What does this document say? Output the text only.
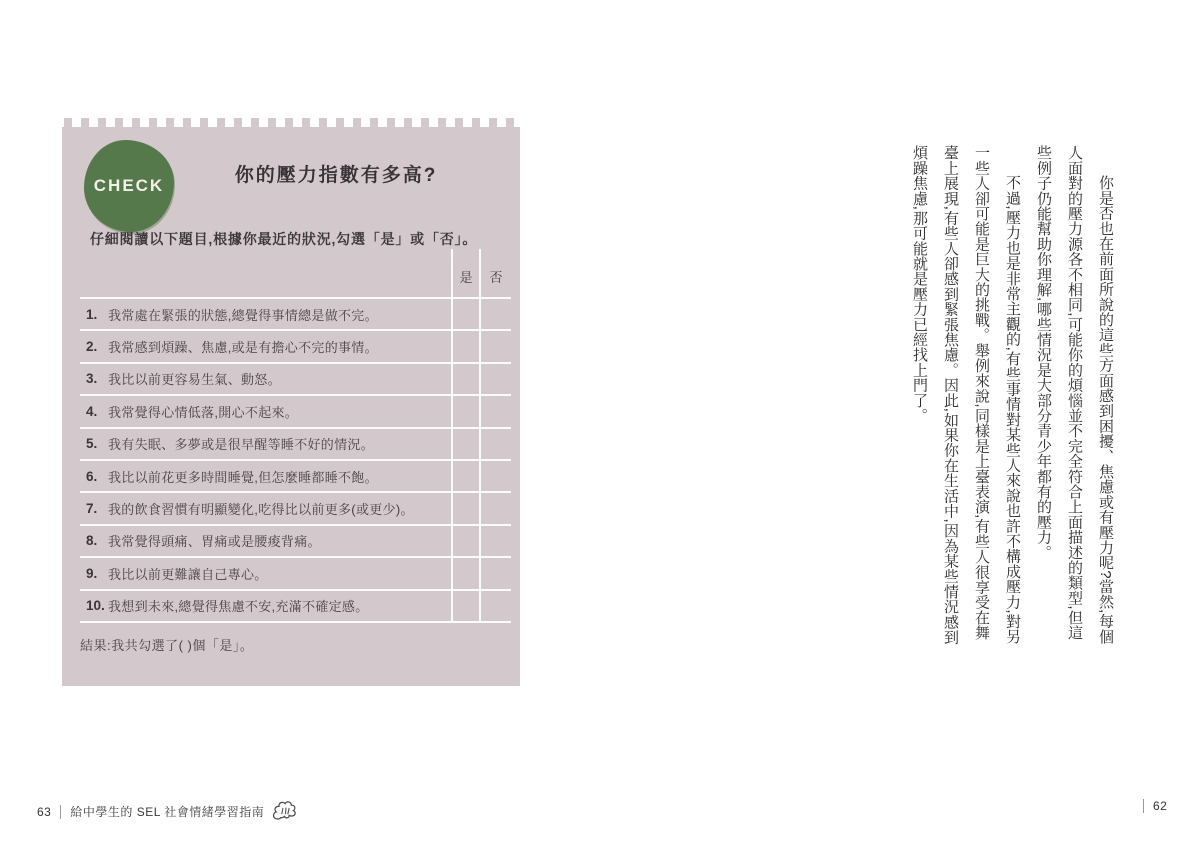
CHECK	你的壓力指數有多高?
仔細閱讀以下題目,根據你最近的狀況,勾選「是」或「否」。
是	否
1. 我常處在緊張的狀態,總覺得事情總是做不完。
2. 我常感到煩躁、焦慮,或是有擔心不完的事情。
3. 我比以前更容易生氣、動怒。
4. 我常覺得心情低落,開心不起來。
5. 我有失眠、多夢或是很早醒等睡不好的情況。
6. 我比以前花更多時間睡覺,但怎麼睡都睡不飽。
7. 我的飲食習慣有明顯變化,吃得比以前更多(或更少)。
8. 我常覺得頭痛、胃痛或是腰痠背痛。
9. 我比以前更難讓自己專心。
10. 我想到未來,總覺得焦慮不安,充滿不確定感。
結果:我共勾選了( )個「是」。

你是否也在前面所說的這些方面感到困擾、焦慮或有壓力呢?當然,每個人面對的壓力源各不相同,可能你的煩惱並不完全符合上面描述的類型,但這些例子仍能幫助你理解,哪些情況是大部分青少年都有的壓力。

不過,壓力也是非常主觀的,有些事情對某些人來說也許不構成壓力,對另一些人卻可能是巨大的挑戰。舉例來說,同樣是上臺表演,有些人很享受在舞臺上展現,有些人卻感到緊張焦慮。因此,如果你在生活中,因為某些情況感到煩躁焦慮,那可能就是壓力已經找上門了。

63 給中學生的 SEL 社會情緒學習指南	62
